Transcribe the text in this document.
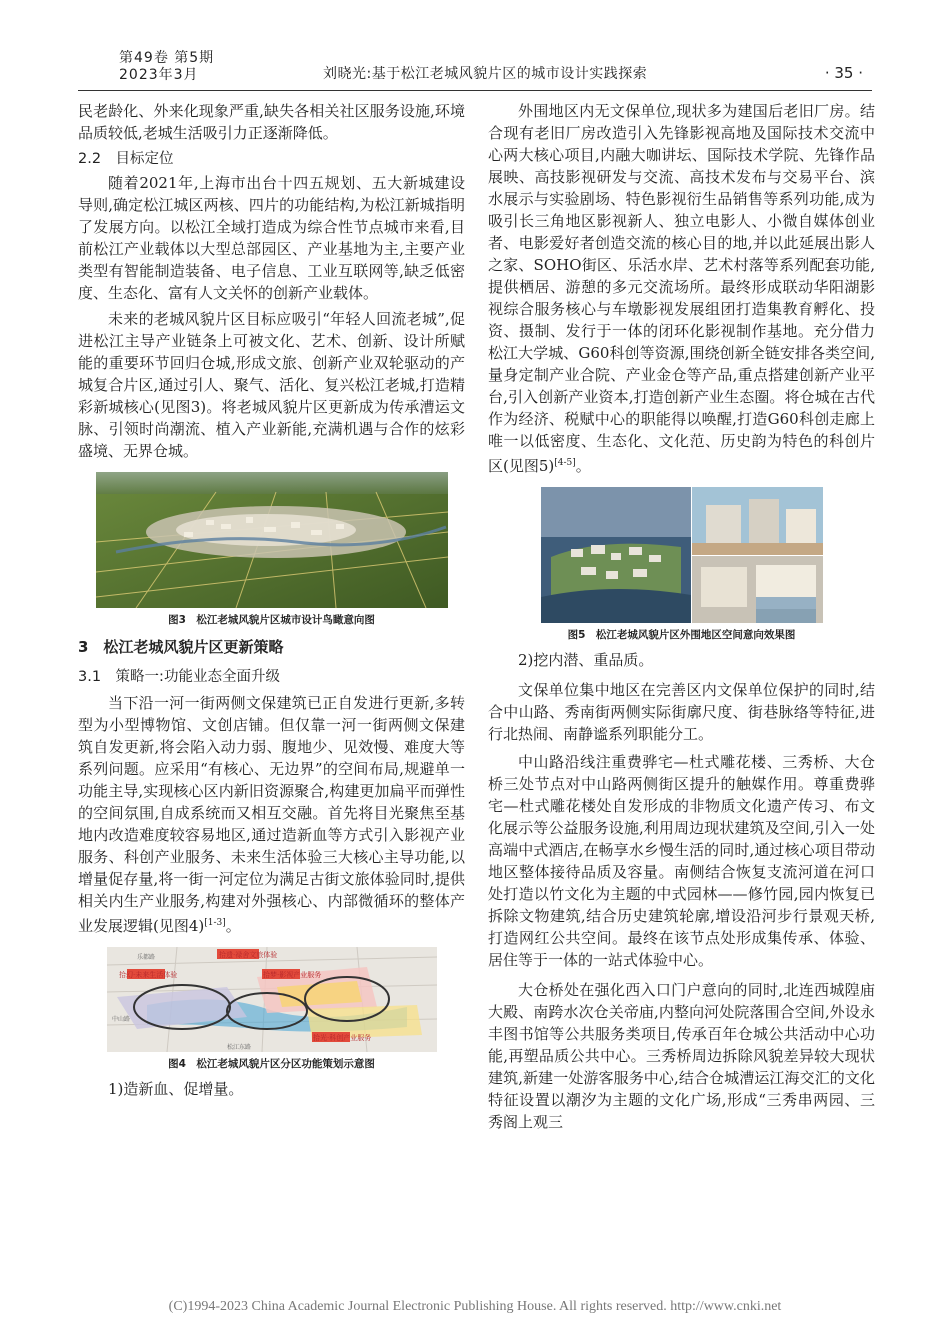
第49卷 第5期
2023年3月	刘晓光:基于松江老城风貌片区的城市设计实践探索	· 35 ·

民老龄化、外来化现象严重,缺失各相关社区服务设施,环境品质较低,老城生活吸引力正逐渐降低。

2.2　目标定位

随着2021年,上海市出台十四五规划、五大新城建设导则,确定松江城区两核、四片的功能结构,为松江新城指明了发展方向。以松江全域打造成为综合性节点城市来看,目前松江产业载体以大型总部园区、产业基地为主,主要产业类型有智能制造装备、电子信息、工业互联网等,缺乏低密度、生态化、富有人文关怀的创新产业载体。

未来的老城风貌片区目标应吸引“年轻人回流老城”,促进松江主导产业链条上可被文化、艺术、创新、设计所赋能的重要环节回归仓城,形成文旅、创新产业双轮驱动的产城复合片区,通过引人、聚气、活化、复兴松江老城,打造精彩新城核心(见图3)。将老城风貌片区更新成为传承漕运文脉、引领时尚潮流、植入产业新能,充满机遇与合作的炫彩盛境、无界仓城。

图3　松江老城风貌片区城市设计鸟瞰意向图
3　松江老城风貌片区更新策略
3.1　策略一:功能业态全面升级

当下沿一河一街两侧文保建筑已正自发进行更新,多转型为小型博物馆、文创店铺。但仅靠一河一街两侧文保建筑自发更新,将会陷入动力弱、腹地少、见效慢、难度大等系列问题。应采用“有核心、无边界”的空间布局,规避单一功能主导,实现核心区内新旧资源聚合,构建更加扁平而弹性的空间氛围,自成系统而又相互交融。首先将目光聚焦至基地内改造难度较容易地区,通过造新血等方式引入影视产业服务、科创产业服务、未来生活体验三大核心主导功能,以增量促存量,将一街一河定位为满足古街文旅体验同时,提供相关内生产业服务,构建对外强核心、内部微循环的整体产业发展逻辑(见图4)[1-3]。

拾幻·未来生活体验
拾遗·禄舍文旅体验
拾梦·影视产业服务
拾光·科创产业服务
乐都路
中山路
松江东路
图4　松江老城风貌片区分区功能策划示意图

1)造新血、促增量。

外围地区内无文保单位,现状多为建国后老旧厂房。结合现有老旧厂房改造引入先锋影视高地及国际技术交流中心两大核心项目,内融大咖讲坛、国际技术学院、先锋作品展映、高技影视研发与交流、高技术发布与交易平台、滨水展示与实验剧场、特色影视衍生品销售等系列功能,成为吸引长三角地区影视新人、独立电影人、小微自媒体创业者、电影爱好者创造交流的核心目的地,并以此延展出影人之家、SOHO街区、乐活水岸、艺术村落等系列配套功能,提供栖居、游憩的多元交流场所。最终形成联动华阳湖影视综合服务核心与车墩影视发展组团打造集教育孵化、投资、摄制、发行于一体的闭环化影视制作基地。充分借力松江大学城、G60科创等资源,围绕创新全链安排各类空间,量身定制产业合院、产业金仓等产品,重点搭建创新产业平台,引入创新产业资本,打造创新产业生态圈。将仓城在古代作为经济、税赋中心的职能得以唤醒,打造G60科创走廊上唯一以低密度、生态化、文化范、历史韵为特色的科创片区(见图5)[4-5]。

图5　松江老城风貌片区外围地区空间意向效果图

2)挖内潜、重品质。

文保单位集中地区在完善区内文保单位保护的同时,结合中山路、秀南街两侧实际街廓尺度、街巷脉络等特征,进行北热闹、南静谧系列职能分工。

中山路沿线注重费骅宅—杜式雕花楼、三秀桥、大仓桥三处节点对中山路两侧街区提升的触媒作用。尊重费骅宅—杜式雕花楼处自发形成的非物质文化遗产传习、布文化展示等公益服务设施,利用周边现状建筑及空间,引入一处高端中式酒店,在畅享水乡慢生活的同时,通过核心项目带动地区整体接待品质及容量。南侧结合恢复支流河道在河口处打造以竹文化为主题的中式园林——修竹园,园内恢复已拆除文物建筑,结合历史建筑轮廓,增设沿河步行景观天桥,打造网红公共空间。最终在该节点处形成集传承、体验、居住等于一体的一站式体验中心。

大仓桥处在强化西入口门户意向的同时,北连西城隍庙大殿、南跨水次仓关帝庙,内整向河处院落围合空间,外设永丰图书馆等公共服务类项目,传承百年仓城公共活动中心功能,再塑品质公共中心。三秀桥周边拆除风貌差异较大现状建筑,新建一处游客服务中心,结合仓城漕运江海交汇的文化特征设置以潮汐为主题的文化广场,形成“三秀串两园、三秀阁上观三

(C)1994-2023 China Academic Journal Electronic Publishing House. All rights reserved. http://www.cnki.net
